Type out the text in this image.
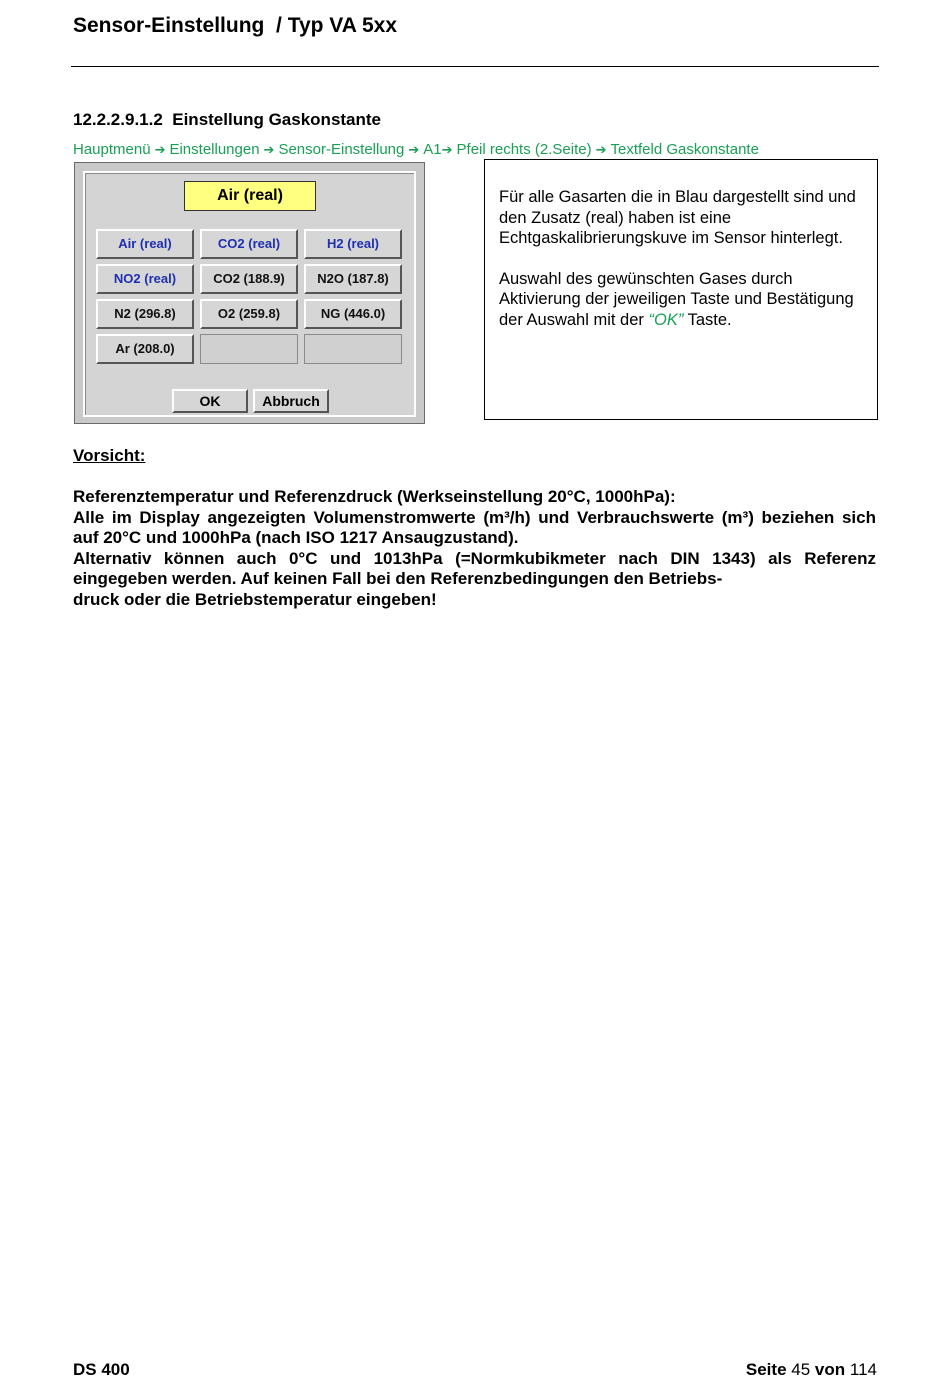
Sensor-Einstellung  / Typ VA 5xx
12.2.2.9.1.2  Einstellung Gaskonstante
Hauptmenü ➔ Einstellungen ➔ Sensor-Einstellung ➔ A1➔ Pfeil rechts (2.Seite) ➔ Textfeld Gaskonstante
Air (real)
Air (real)	CO2 (real)	H2 (real)
NO2 (real)	CO2 (188.9)	N2O (187.8)
N2 (296.8)	O2 (259.8)	NG (446.0)
Ar (208.0)
OK	Abbruch

Für alle Gasarten die in Blau dargestellt sind und den Zusatz (real) haben ist eine Echtgaskalibrierungskuve im Sensor hinterlegt.

Auswahl des gewünschten Gases durch Aktivierung der jeweiligen Taste und Bestätigung der Auswahl mit der “OK” Taste.

Vorsicht:
Referenztemperatur und Referenzdruck (Werkseinstellung 20°C, 1000hPa):
Alle im Display angezeigten Volumenstromwerte (m³/h) und Verbrauchswerte (m³) beziehen sich auf 20°C und 1000hPa (nach ISO 1217 Ansaugzustand).
Alternativ können auch 0°C und 1013hPa (=Normkubikmeter nach DIN 1343) als Referenz eingegeben werden. Auf keinen Fall bei den Referenzbedingungen den Betriebs-
druck oder die Betriebstemperatur eingeben!
DS 400	Seite 45 von 114
